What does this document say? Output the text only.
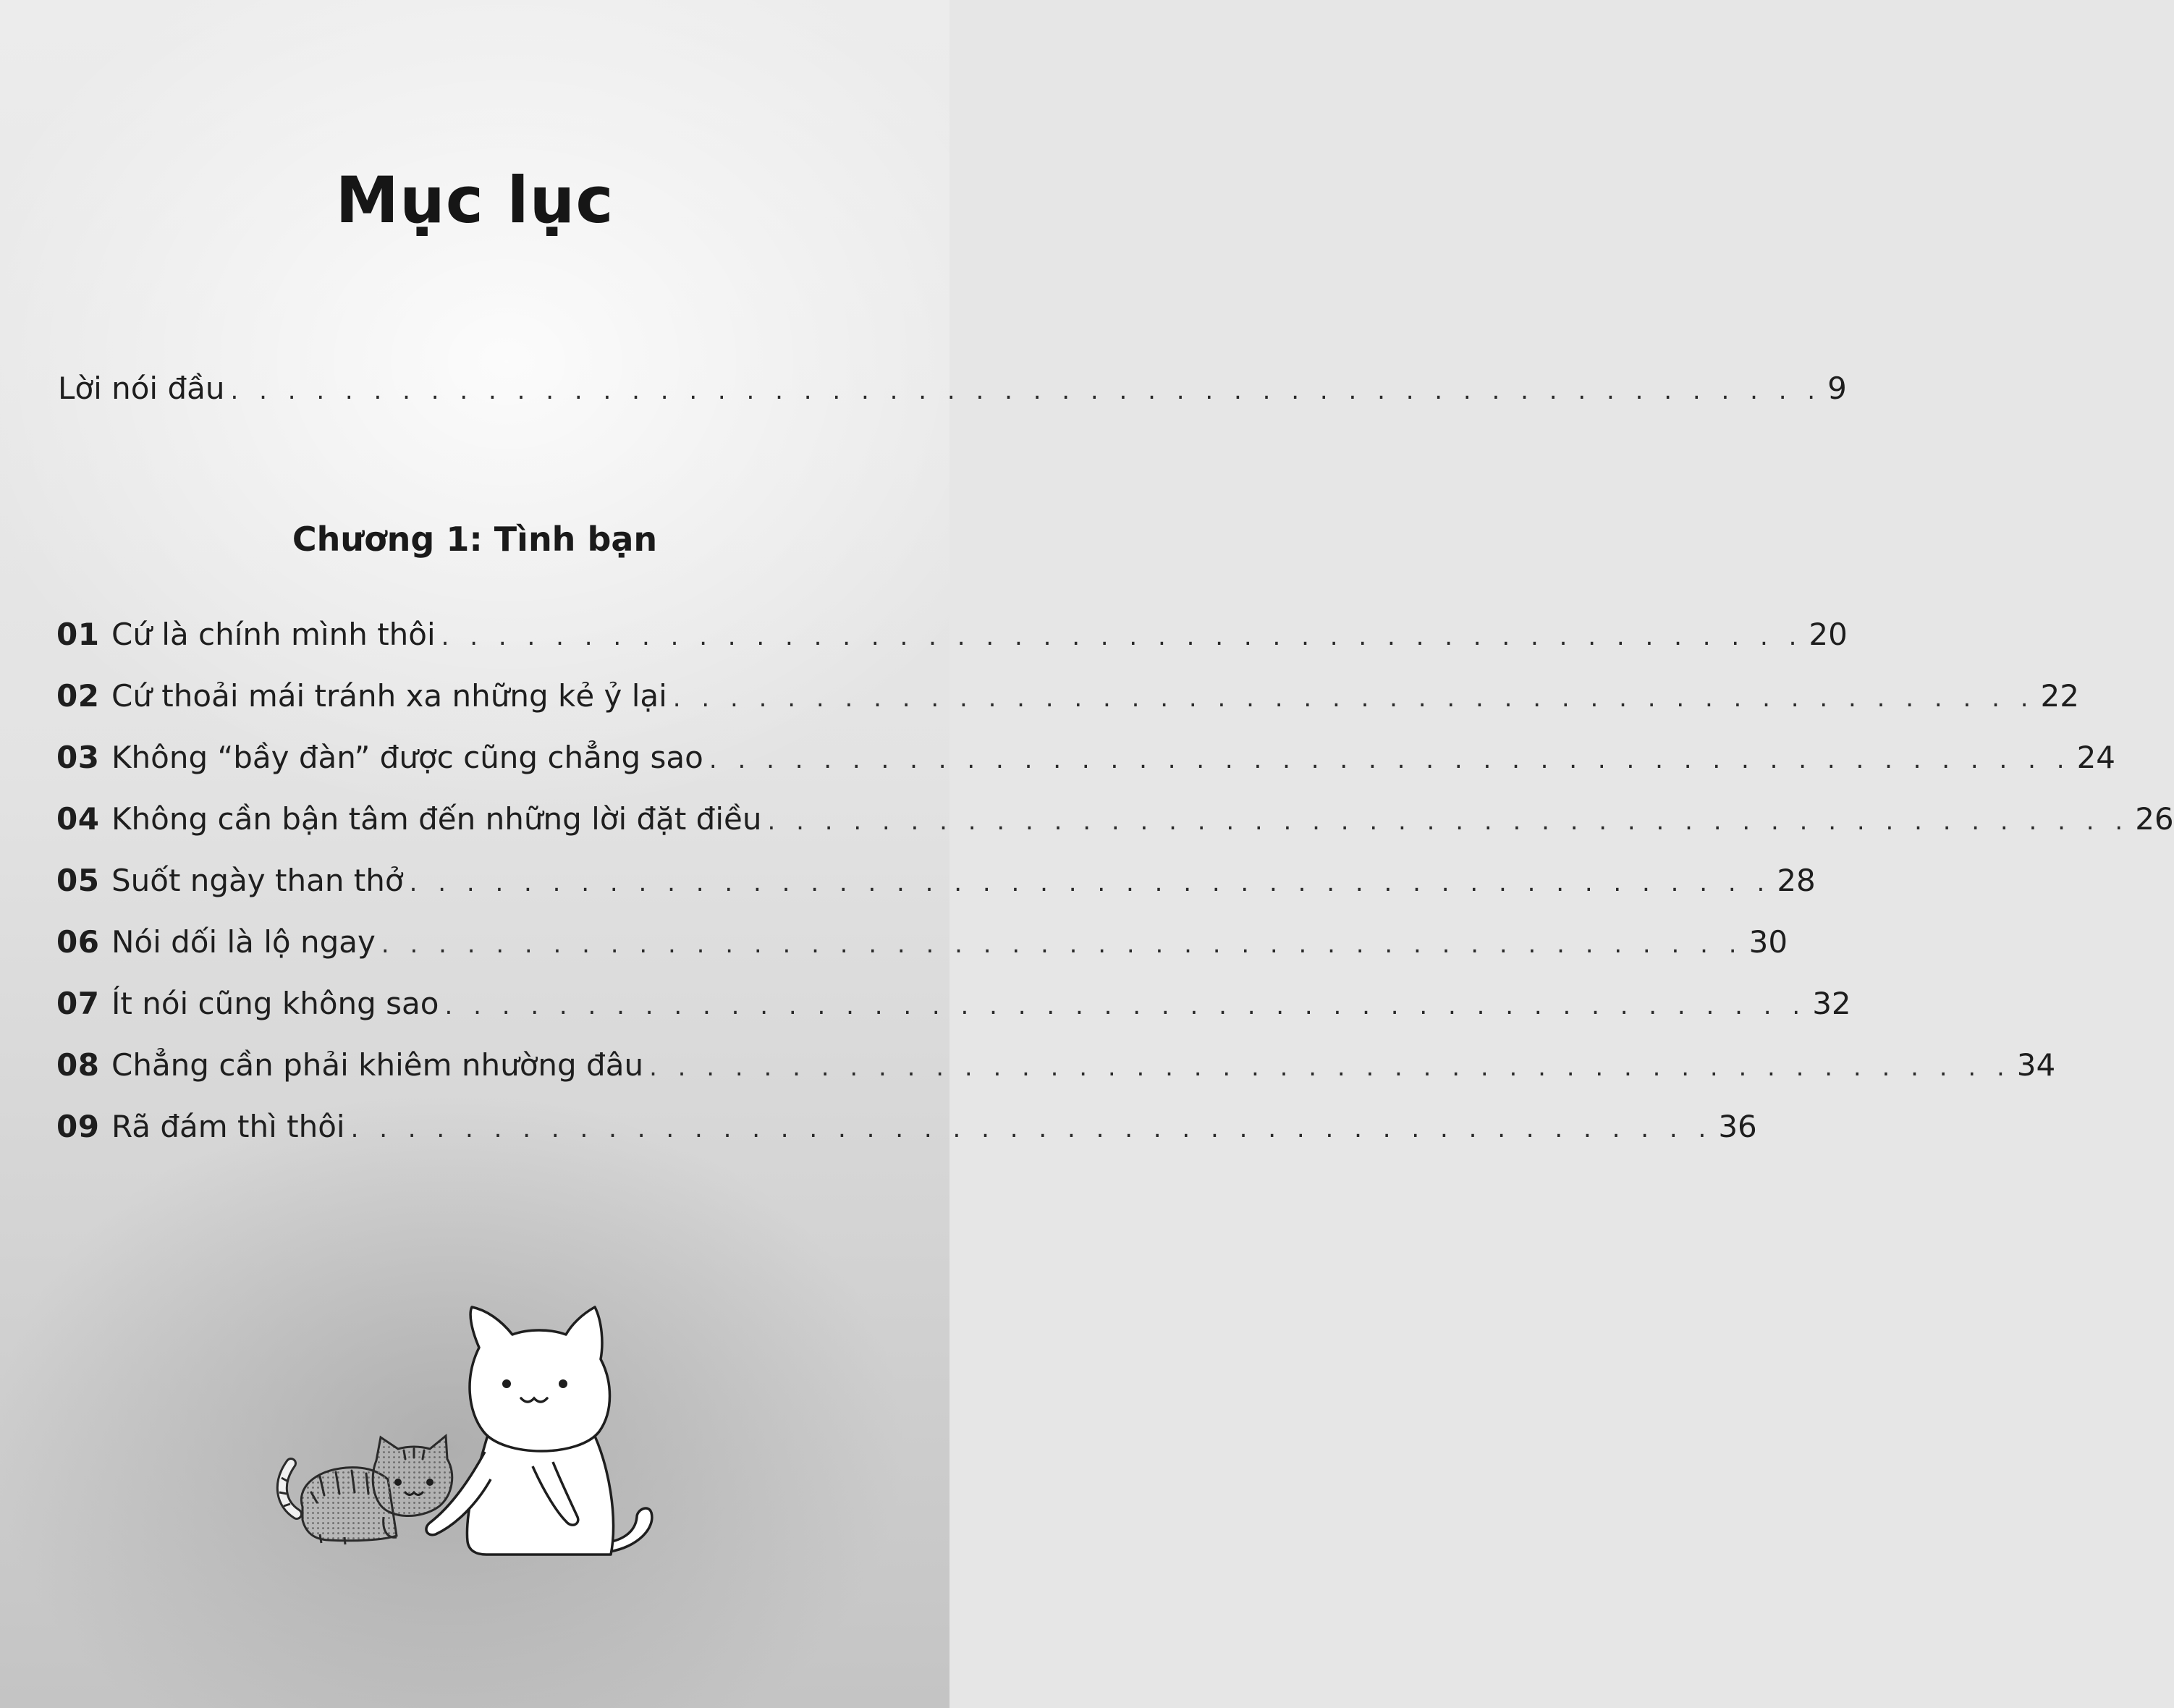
Mục lục
Lời nói đầu . . . . . . . . . . . . . . . . . . . . . . . . . . . . . . . . . . . . . . . . . . . . . . . . . . . . . . . . 9
Chương 1: Tình bạn
01 Cứ là chính mình thôi . . . . . . . . . . . . . . . . . . . . . . . . . . . . . . . . . . . . . . . . . . . . . . . . 20
02 Cứ thoải mái tránh xa những kẻ ỷ lại . . . . . . . . . . . . . . . . . . . . . . . . . . . . . . . . . . . . . . . . . . . . . . . . 22
03 Không “bầy đàn” được cũng chẳng sao . . . . . . . . . . . . . . . . . . . . . . . . . . . . . . . . . . . . . . . . . . . . . . . . 24
04 Không cần bận tâm đến những lời đặt điều . . . . . . . . . . . . . . . . . . . . . . . . . . . . . . . . . . . . . . . . . . . . . . . . 26
05 Suốt ngày than thở . . . . . . . . . . . . . . . . . . . . . . . . . . . . . . . . . . . . . . . . . . . . . . . . 28
06 Nói dối là lộ ngay . . . . . . . . . . . . . . . . . . . . . . . . . . . . . . . . . . . . . . . . . . . . . . . . 30
07 Ít nói cũng không sao . . . . . . . . . . . . . . . . . . . . . . . . . . . . . . . . . . . . . . . . . . . . . . . . 32
08 Chẳng cần phải khiêm nhường đâu . . . . . . . . . . . . . . . . . . . . . . . . . . . . . . . . . . . . . . . . . . . . . . . . 34
09 Rã đám thì thôi . . . . . . . . . . . . . . . . . . . . . . . . . . . . . . . . . . . . . . . . . . . . . . . . 36
